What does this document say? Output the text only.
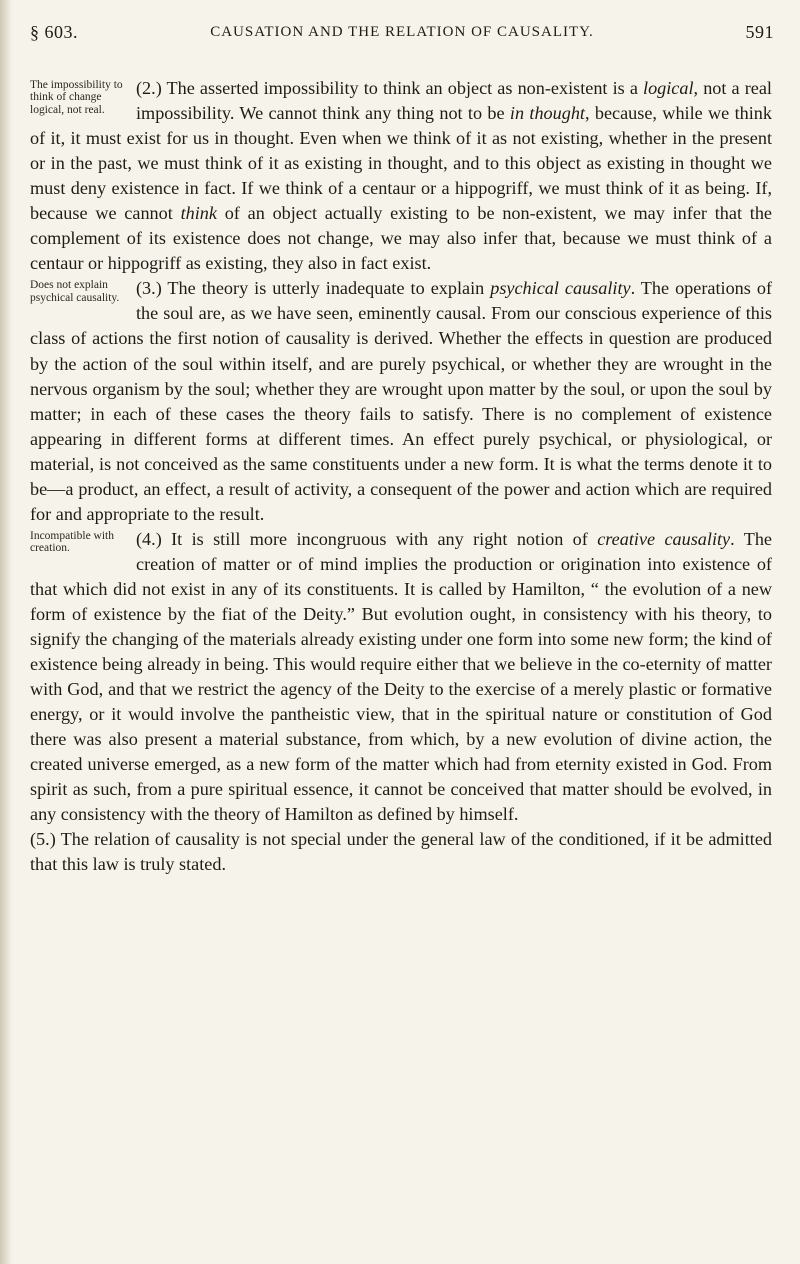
§ 603.	CAUSATION AND THE RELATION OF CAUSALITY.	591

The impossibility to think of change logical, not real.
(2.) The asserted impossibility to think an object as non-existent is a logical, not a real impossibility. We cannot think any thing not to be in thought, because, while we think of it, it must exist for us in thought. Even when we think of it as not existing, whether in the present or in the past, we must think of it as existing in thought, and to this object as existing in thought we must deny existence in fact. If we think of a centaur or a hippogriff, we must think of it as being. If, because we cannot think of an object actually existing to be non-existent, we may infer that the complement of its existence does not change, we may also infer that, because we must think of a centaur or hippogriff as existing, they also in fact exist.

Does not explain psychical causality. (3.) The theory is utterly inadequate to explain psychical causality. The operations of the soul are, as we have seen, eminently causal. From our conscious experience of this class of actions the first notion of causality is derived. Whether the effects in question are produced by the action of the soul within itself, and are purely psychical, or whether they are wrought in the nervous organism by the soul; whether they are wrought upon matter by the soul, or upon the soul by matter; in each of these cases the theory fails to satisfy. There is no complement of existence appearing in different forms at different times. An effect purely psychical, or physiological, or material, is not conceived as the same constituents under a new form. It is what the terms denote it to be—a product, an effect, a result of activity, a consequent of the power and action which are required for and appropriate to the result.

Incompatible with creation.	(4.) It is still more incongruous with any right notion of creative causality. The creation of matter or of mind implies the production or origination into existence of that which did not exist in any of its constituents. It is called by Hamilton, “ the evolution of a new form of existence by the fiat of the Deity.” But evolution ought, in consistency with his theory, to signify the changing of the materials already existing under one form into some new form; the kind of existence being already in being. This would require either that we believe in the co-eternity of matter with God, and that we restrict the agency of the Deity to the exercise of a merely plastic or formative energy, or it would involve the pantheistic view, that in the spiritual nature or constitution of God there was also present a material substance, from which, by a new evolution of divine action, the created universe emerged, as a new form of the matter which had from eternity existed in God. From spirit as such, from a pure spiritual essence, it cannot be conceived that matter should be evolved, in any consistency with the theory of Hamilton as defined by himself.

(5.) The relation of causality is not special under the general law of the conditioned, if it be admitted that this law is truly stated.
